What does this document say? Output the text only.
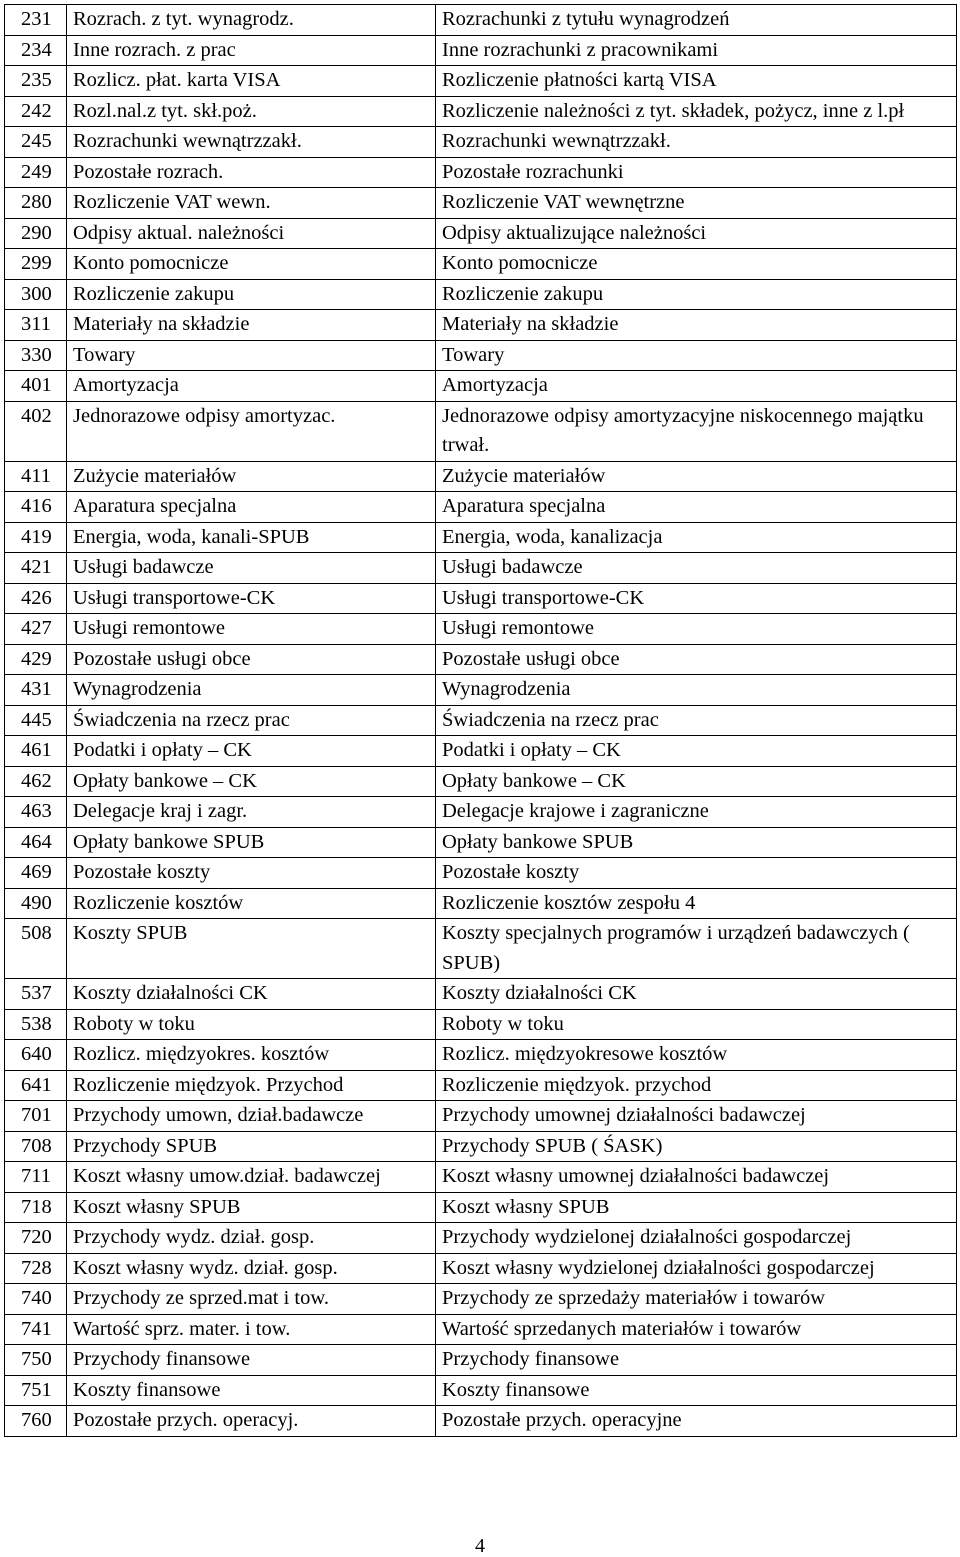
231	Rozrach. z tyt. wynagrodz.	Rozrachunki z tytułu wynagrodzeń
234	Inne rozrach. z prac	Inne rozrachunki z pracownikami
235	Rozlicz. płat. karta VISA	Rozliczenie płatności kartą VISA
242	Rozl.nal.z tyt. skł.poż.	Rozliczenie należności z tyt. składek, pożycz, inne z l.pł
245	Rozrachunki wewnątrzzakł.	Rozrachunki wewnątrzzakł.
249	Pozostałe rozrach.	Pozostałe rozrachunki
280	Rozliczenie VAT wewn.	Rozliczenie VAT wewnętrzne
290	Odpisy aktual. należności	Odpisy aktualizujące należności
299	Konto pomocnicze	Konto pomocnicze
300	Rozliczenie zakupu	Rozliczenie zakupu
311	Materiały na składzie	Materiały na składzie
330	Towary	Towary
401	Amortyzacja	Amortyzacja
402	Jednorazowe odpisy amortyzac.	Jednorazowe odpisy amortyzacyjne niskocennego majątku trwał.
411	Zużycie materiałów	Zużycie materiałów
416	Aparatura specjalna	Aparatura specjalna
419	Energia, woda, kanali-SPUB	Energia, woda, kanalizacja
421	Usługi badawcze	Usługi badawcze
426	Usługi transportowe-CK	Usługi transportowe-CK
427	Usługi remontowe	Usługi remontowe
429	Pozostałe usługi obce	Pozostałe usługi obce
431	Wynagrodzenia	Wynagrodzenia
445	Świadczenia na rzecz prac	Świadczenia na rzecz prac
461	Podatki i opłaty – CK	Podatki i opłaty – CK
462	Opłaty bankowe – CK	Opłaty bankowe – CK
463	Delegacje kraj i zagr.	Delegacje krajowe i zagraniczne
464	Opłaty bankowe SPUB	Opłaty bankowe SPUB
469	Pozostałe koszty	Pozostałe koszty
490	Rozliczenie kosztów	Rozliczenie kosztów zespołu 4
508	Koszty SPUB	Koszty specjalnych programów i urządzeń badawczych ( SPUB)
537	Koszty działalności CK	Koszty działalności CK
538	Roboty w toku	Roboty w toku
640	Rozlicz. międzyokres. kosztów	Rozlicz. międzyokresowe kosztów
641	Rozliczenie międzyok. Przychod	Rozliczenie międzyok. przychod
701	Przychody umown, dział.badawcze	Przychody umownej działalności badawczej
708	Przychody SPUB	Przychody SPUB ( ŚASK)
711	Koszt własny umow.dział. badawczej	Koszt własny umownej działalności badawczej
718	Koszt własny SPUB	Koszt własny SPUB
720	Przychody wydz. dział. gosp.	Przychody wydzielonej działalności gospodarczej
728	Koszt własny wydz. dział. gosp.	Koszt własny wydzielonej działalności gospodarczej
740	Przychody ze sprzed.mat i tow.	Przychody ze sprzedaży materiałów i towarów
741	Wartość sprz. mater. i tow.	Wartość sprzedanych materiałów i towarów
750	Przychody finansowe	Przychody finansowe
751	Koszty finansowe	Koszty finansowe
760	Pozostałe przych. operacyj.	Pozostałe przych. operacyjne
4
